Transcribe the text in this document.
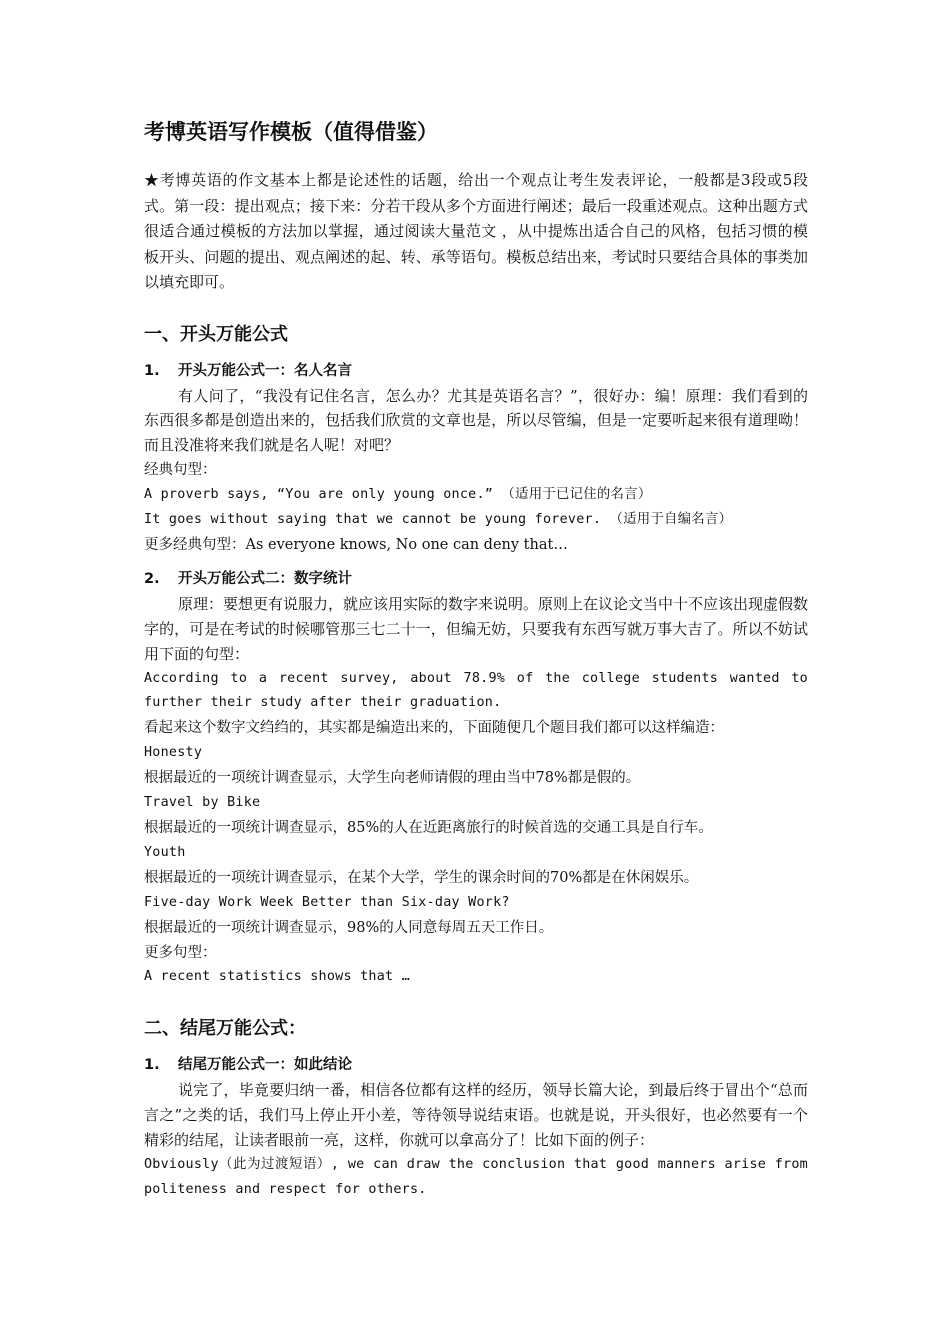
考博英语写作模板（值得借鉴）

★考博英语的作文基本上都是论述性的话题，给出一个观点让考生发表评论，一般都是3段或5段式。第一段：提出观点；接下来：分若干段从多个方面进行阐述；最后一段重述观点。这种出题方式很适合通过模板的方法加以掌握，通过阅读大量范文 ，从中提炼出适合自己的风格，包括习惯的模板开头、问题的提出、观点阐述的起、转、承等语句。模板总结出来，考试时只要结合具体的事类加以填充即可。

一、开头万能公式
1. 开头万能公式一：名人名言

有人问了，“我没有记住名言，怎么办？尤其是英语名言？”，很好办：编！原理：我们看到的东西很多都是创造出来的，包括我们欣赏的文章也是，所以尽管编，但是一定要听起来很有道理呦！而且没准将来我们就是名人呢！对吧？

经典句型：

A proverb says, “You are only young once.” （适用于已记住的名言）

It goes without saying that we cannot be young forever. （适用于自编名言）

更多经典句型：As everyone knows, No one can deny that…

2. 开头万能公式二：数字统计

原理：要想更有说服力，就应该用实际的数字来说明。原则上在议论文当中十不应该出现虚假数字的，可是在考试的时候哪管那三七二十一，但编无妨，只要我有东西写就万事大吉了。所以不妨试用下面的句型：

According to a recent survey, about 78.9% of the college students wanted to further their study after their graduation.

看起来这个数字文绉绉的，其实都是编造出来的，下面随便几个题目我们都可以这样编造：

Honesty

根据最近的一项统计调查显示，大学生向老师请假的理由当中78%都是假的。

Travel by Bike

根据最近的一项统计调查显示，85%的人在近距离旅行的时候首选的交通工具是自行车。

Youth

根据最近的一项统计调查显示，在某个大学，学生的课余时间的70%都是在休闲娱乐。

Five-day Work Week Better than Six-day Work?

根据最近的一项统计调查显示，98%的人同意每周五天工作日。

更多句型：

A recent statistics shows that …

二、结尾万能公式：
1. 结尾万能公式一：如此结论

说完了，毕竟要归纳一番，相信各位都有这样的经历，领导长篇大论，到最后终于冒出个“总而言之”之类的话，我们马上停止开小差，等待领导说结束语。也就是说，开头很好，也必然要有一个精彩的结尾，让读者眼前一亮，这样，你就可以拿高分了！比如下面的例子：

Obviously（此为过渡短语）, we can draw the conclusion that good manners arise from politeness and respect for others.
